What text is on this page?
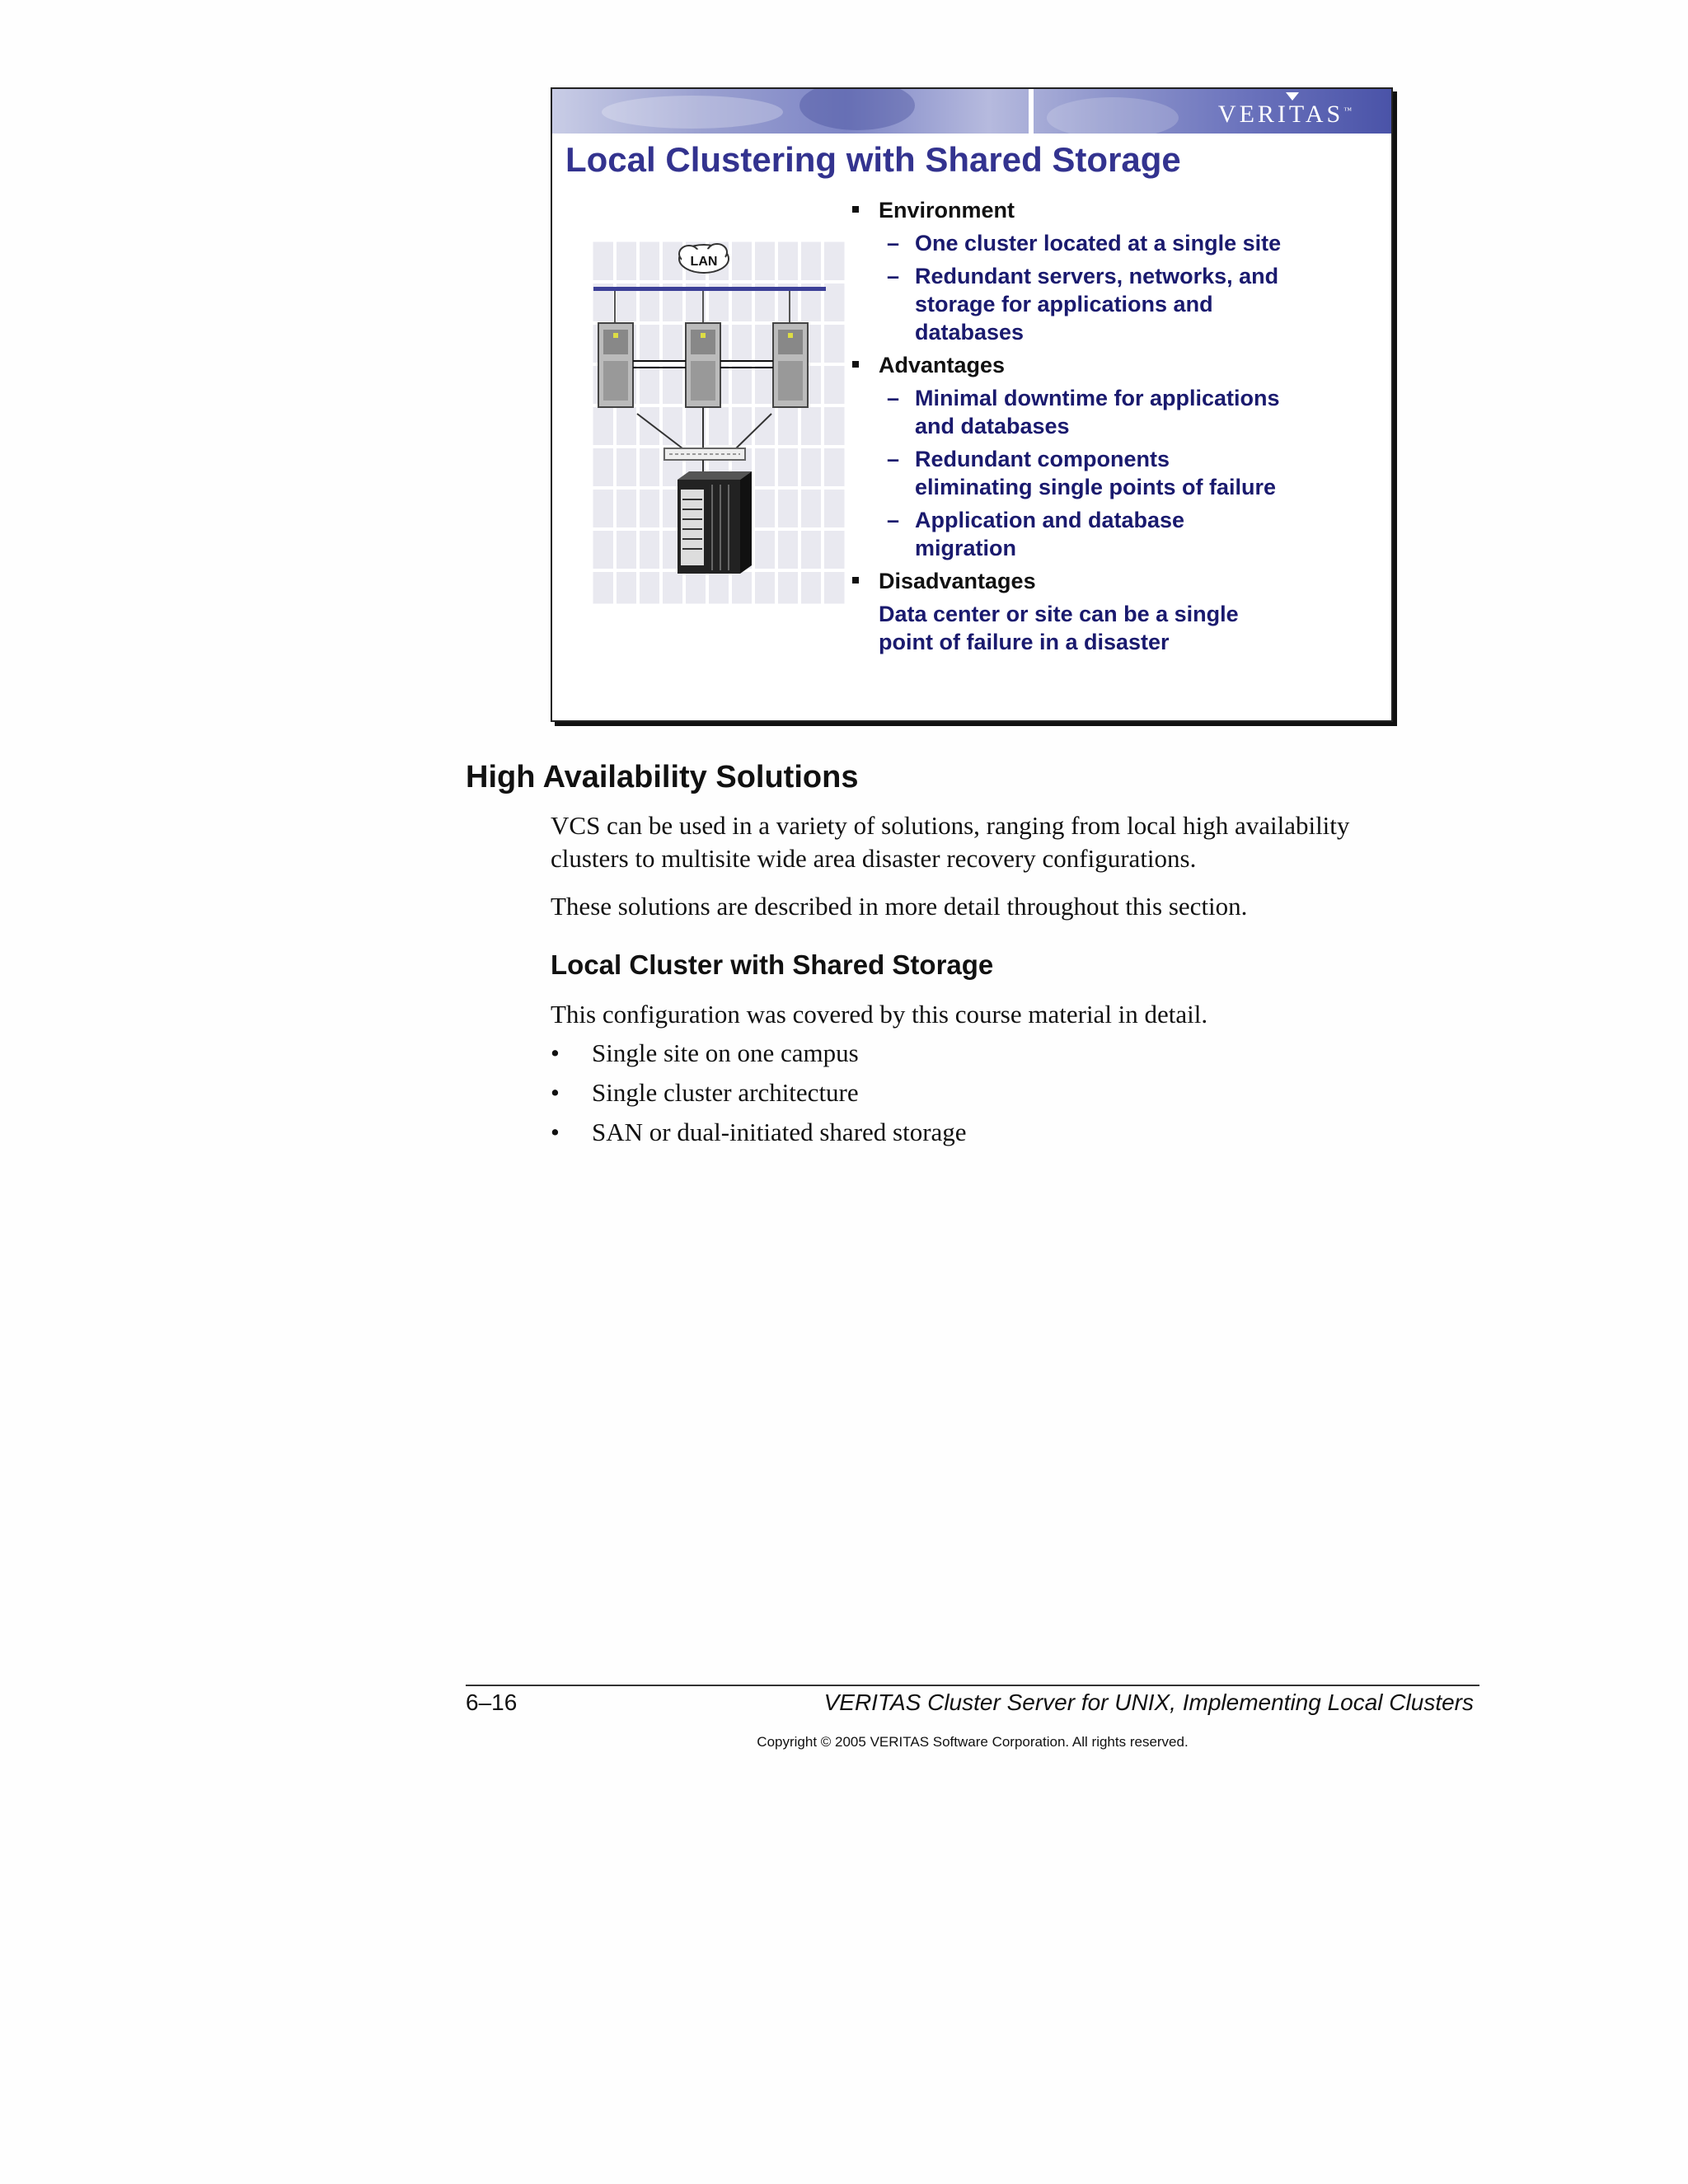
VERITAS™
Local Clustering with Shared Storage
LAN
Environment
– One cluster located at a single site
– Redundant servers, networks, and
storage for applications and
databases
Advantages
– Minimal downtime for applications
and databases
– Redundant components
eliminating single points of failure
– Application and database
migration
Disadvantages
Data center or site can be a single
point of failure in a disaster
High Availability Solutions

VCS can be used in a variety of solutions, ranging from local high availability
clusters to multisite wide area disaster recovery configurations.

These solutions are described in more detail throughout this section.

Local Cluster with Shared Storage

This configuration was covered by this course material in detail.

• Single site on one campus
• Single cluster architecture
• SAN or dual-initiated shared storage
6–16	VERITAS Cluster Server for UNIX, Implementing Local Clusters
Copyright © 2005 VERITAS Software Corporation. All rights reserved.
